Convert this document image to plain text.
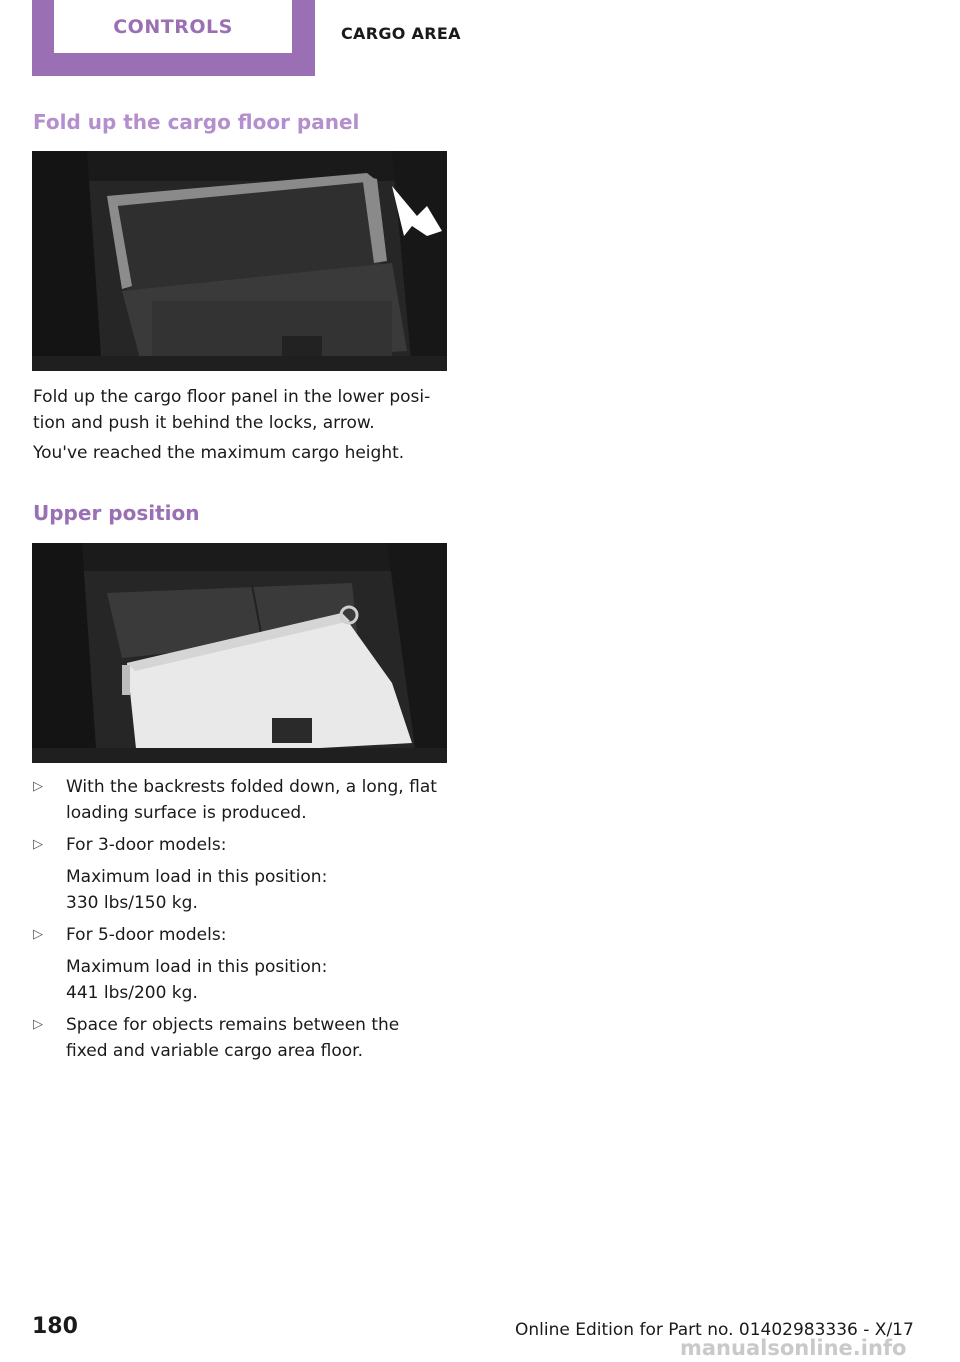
CONTROLS	CARGO AREA
Fold up the cargo floor panel
Fold up the cargo floor panel in the lower posi-
tion and push it behind the locks, arrow.
You've reached the maximum cargo height.
Upper position
▷ With the backrests folded down, a long, flat
loading surface is produced.
▷ For 3-door models:
Maximum load in this position:
330 lbs/150 kg.
▷ For 5-door models:
Maximum load in this position:
441 lbs/200 kg.
▷ Space for objects remains between the
fixed and variable cargo area floor.
180	Online Edition for Part no. 01402983336 - X/17
manualsonline.info
